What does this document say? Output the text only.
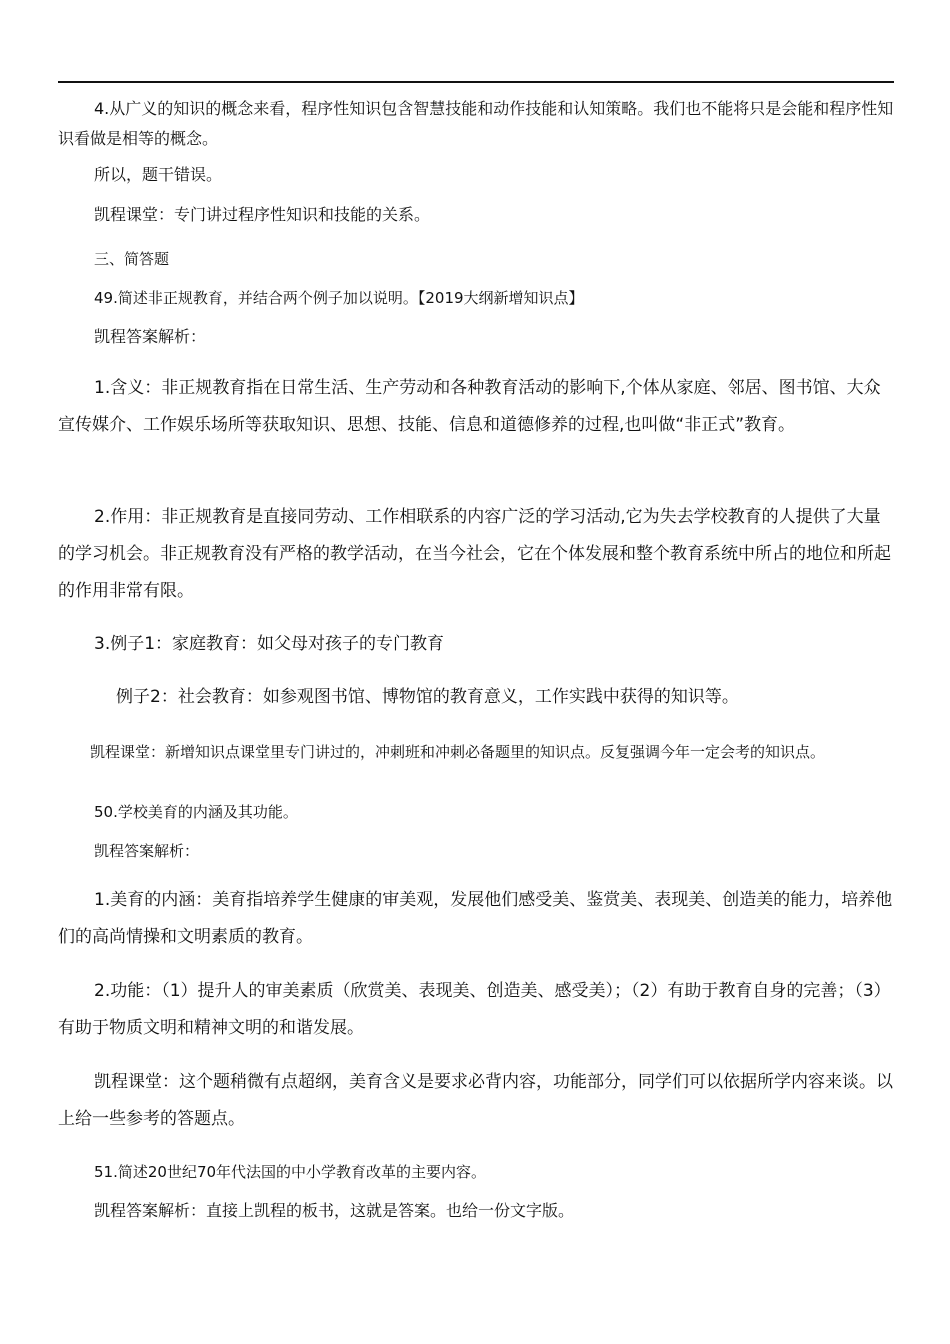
4.从广义的知识的概念来看，程序性知识包含智慧技能和动作技能和认知策略。我们也不能将只是会能和程序性知识看做是相等的概念。

所以，题干错误。

凯程课堂：专门讲过程序性知识和技能的关系。

三、简答题

49.简述非正规教育，并结合两个例子加以说明。【2019大纲新增知识点】

凯程答案解析：

1.含义：非正规教育指在日常生活、生产劳动和各种教育活动的影响下,个体从家庭、邻居、图书馆、大众宣传媒介、工作娱乐场所等获取知识、思想、技能、信息和道德修养的过程,也叫做“非正式”教育。

2.作用：非正规教育是直接同劳动、工作相联系的内容广泛的学习活动,它为失去学校教育的人提供了大量的学习机会。非正规教育没有严格的教学活动，在当今社会，它在个体发展和整个教育系统中所占的地位和所起的作用非常有限。

3.例子1：家庭教育：如父母对孩子的专门教育

例子2：社会教育：如参观图书馆、博物馆的教育意义，工作实践中获得的知识等。

凯程课堂：新增知识点课堂里专门讲过的，冲刺班和冲刺必备题里的知识点。反复强调今年一定会考的知识点。

50.学校美育的内涵及其功能。

凯程答案解析：

1.美育的内涵：美育指培养学生健康的审美观，发展他们感受美、鉴赏美、表现美、创造美的能力，培养他们的高尚情操和文明素质的教育。

2.功能：（1）提升人的审美素质（欣赏美、表现美、创造美、感受美）；（2）有助于教育自身的完善；（3）有助于物质文明和精神文明的和谐发展。

凯程课堂：这个题稍微有点超纲，美育含义是要求必背内容，功能部分，同学们可以依据所学内容来谈。以上给一些参考的答题点。

51.简述20世纪70年代法国的中小学教育改革的主要内容。

凯程答案解析：直接上凯程的板书，这就是答案。也给一份文字版。
